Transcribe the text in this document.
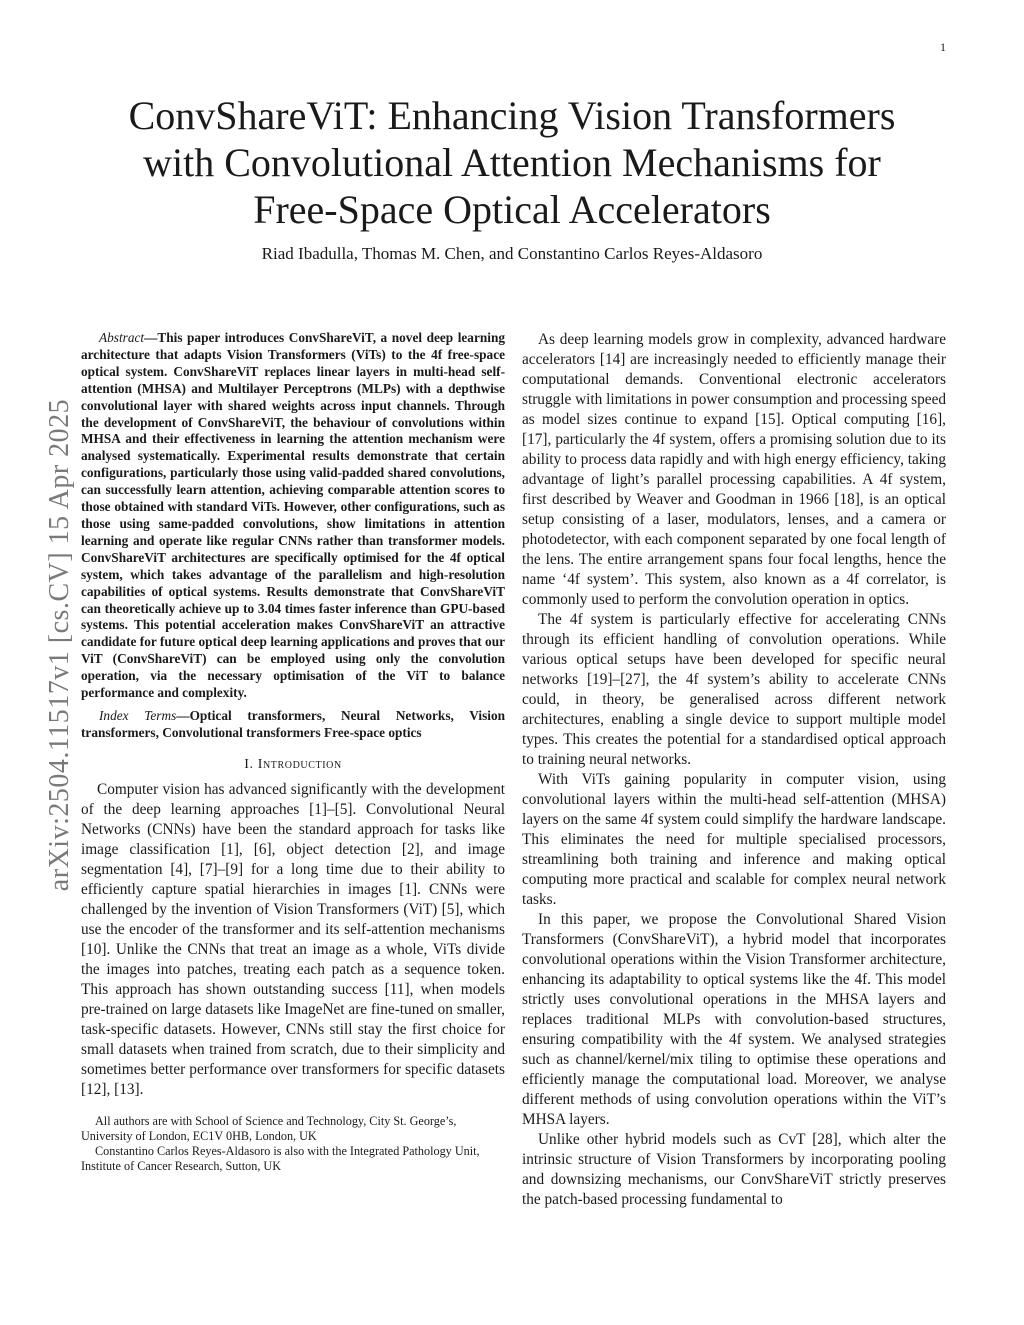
1
arXiv:2504.11517v1 [cs.CV] 15 Apr 2025
ConvShareViT: Enhancing Vision Transformers
with Convolutional Attention Mechanisms for
Free-Space Optical Accelerators

Riad Ibadulla, Thomas M. Chen, and Constantino Carlos Reyes-Aldasoro

Abstract—This paper introduces ConvShareViT, a novel deep learning architecture that adapts Vision Transformers (ViTs) to the 4f free-space optical system. ConvShareViT replaces linear layers in multi-head self-attention (MHSA) and Multilayer Perceptrons (MLPs) with a depthwise convolutional layer with shared weights across input channels. Through the development of ConvShareViT, the behaviour of convolutions within MHSA and their effectiveness in learning the attention mechanism were analysed systematically. Experimental results demonstrate that certain configurations, particularly those using valid-padded shared convolutions, can successfully learn attention, achieving comparable attention scores to those obtained with standard ViTs. However, other configurations, such as those using same-padded convolutions, show limitations in attention learning and operate like regular CNNs rather than transformer models. ConvShareViT architectures are specifically optimised for the 4f optical system, which takes advantage of the parallelism and high-resolution capabilities of optical systems. Results demonstrate that ConvShareViT can theoretically achieve up to 3.04 times faster inference than GPU-based systems. This potential acceleration makes ConvShareViT an attractive candidate for future optical deep learning applications and proves that our ViT (ConvShareViT) can be employed using only the convolution operation, via the necessary optimisation of the ViT to balance performance and complexity.

Index Terms—Optical transformers, Neural Networks, Vision transformers, Convolutional transformers Free-space optics

I. Introduction

Computer vision has advanced significantly with the development of the deep learning approaches [1]–[5]. Convolutional Neural Networks (CNNs) have been the standard approach for tasks like image classification [1], [6], object detection [2], and image segmentation [4], [7]–[9] for a long time due to their ability to efficiently capture spatial hierarchies in images [1]. CNNs were challenged by the invention of Vision Transformers (ViT) [5], which use the encoder of the transformer and its self-attention mechanisms [10]. Unlike the CNNs that treat an image as a whole, ViTs divide the images into patches, treating each patch as a sequence token. This approach has shown outstanding success [11], when models pre-trained on large datasets like ImageNet are fine-tuned on smaller, task-specific datasets. However, CNNs still stay the first choice for small datasets when trained from scratch, due to their simplicity and sometimes better performance over transformers for specific datasets [12], [13].

All authors are with School of Science and Technology, City St. George’s, University of London, EC1V 0HB, London, UK

Constantino Carlos Reyes-Aldasoro is also with the Integrated Pathology Unit, Institute of Cancer Research, Sutton, UK

As deep learning models grow in complexity, advanced hardware accelerators [14] are increasingly needed to efficiently manage their computational demands. Conventional electronic accelerators struggle with limitations in power consumption and processing speed as model sizes continue to expand [15]. Optical computing [16], [17], particularly the 4f system, offers a promising solution due to its ability to process data rapidly and with high energy efficiency, taking advantage of light’s parallel processing capabilities. A 4f system, first described by Weaver and Goodman in 1966 [18], is an optical setup consisting of a laser, modulators, lenses, and a camera or photodetector, with each component separated by one focal length of the lens. The entire arrangement spans four focal lengths, hence the name ‘4f system’. This system, also known as a 4f correlator, is commonly used to perform the convolution operation in optics.

The 4f system is particularly effective for accelerating CNNs through its efficient handling of convolution operations. While various optical setups have been developed for specific neural networks [19]–[27], the 4f system’s ability to accelerate CNNs could, in theory, be generalised across different network architectures, enabling a single device to support multiple model types. This creates the potential for a standardised optical approach to training neural networks.

With ViTs gaining popularity in computer vision, using convolutional layers within the multi-head self-attention (MHSA) layers on the same 4f system could simplify the hardware landscape. This eliminates the need for multiple specialised processors, streamlining both training and inference and making optical computing more practical and scalable for complex neural network tasks.

In this paper, we propose the Convolutional Shared Vision Transformers (ConvShareViT), a hybrid model that incorporates convolutional operations within the Vision Transformer architecture, enhancing its adaptability to optical systems like the 4f. This model strictly uses convolutional operations in the MHSA layers and replaces traditional MLPs with convolution-based structures, ensuring compatibility with the 4f system. We analysed strategies such as channel/kernel/mix tiling to optimise these operations and efficiently manage the computational load. Moreover, we analyse different methods of using convolution operations within the ViT’s MHSA layers.

Unlike other hybrid models such as CvT [28], which alter the intrinsic structure of Vision Transformers by incorporating pooling and downsizing mechanisms, our ConvShareViT strictly preserves the patch-based processing fundamental to
